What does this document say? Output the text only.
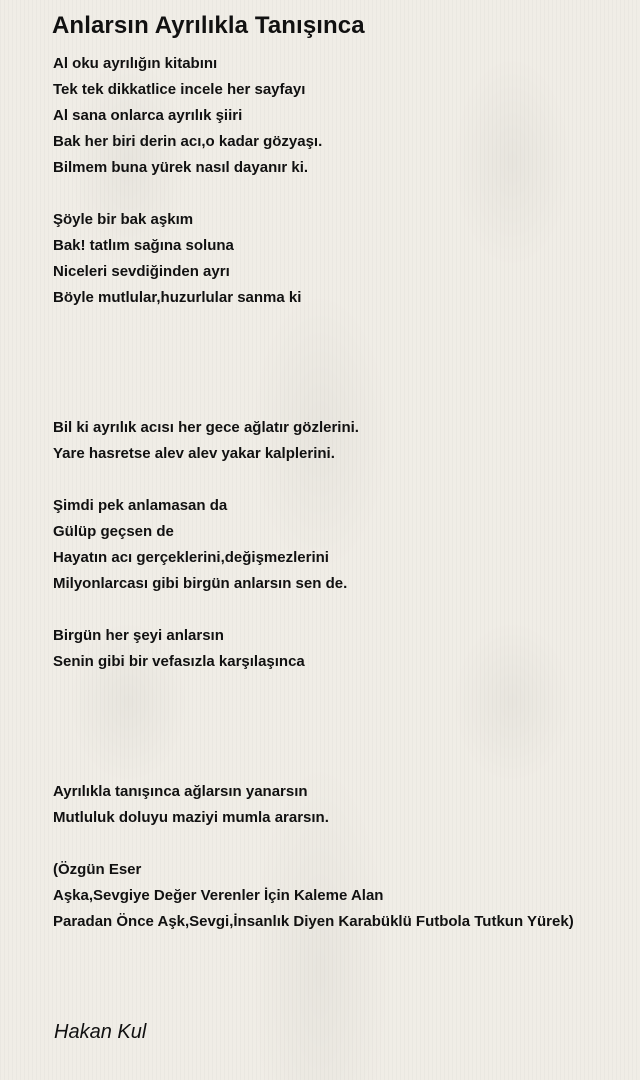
Anlarsın Ayrılıkla Tanışınca
Al oku ayrılığın kitabını
Tek tek dikkatlice incele her sayfayı
Al sana onlarca ayrılık şiiri
Bak her biri derin acı,o kadar gözyaşı.
Bilmem buna yürek nasıl dayanır ki.
Şöyle bir bak aşkım
Bak! tatlım sağına soluna
Niceleri sevdiğinden ayrı
Böyle mutlular,huzurlular sanma ki
Bil ki ayrılık acısı her gece ağlatır gözlerini.
Yare hasretse alev alev yakar kalplerini.
Şimdi pek anlamasan da
Gülüp geçsen de
Hayatın acı gerçeklerini,değişmezlerini
Milyonlarcası gibi birgün anlarsın sen de.
Birgün her şeyi anlarsın
Senin gibi bir vefasızla karşılaşınca
Ayrılıkla tanışınca ağlarsın yanarsın
Mutluluk doluyu maziyi mumla ararsın.
(Özgün Eser
Aşka,Sevgiye Değer Verenler İçin Kaleme Alan
Paradan Önce Aşk,Sevgi,İnsanlık Diyen Karabüklü Futbola Tutkun Yürek)
Hakan Kul
